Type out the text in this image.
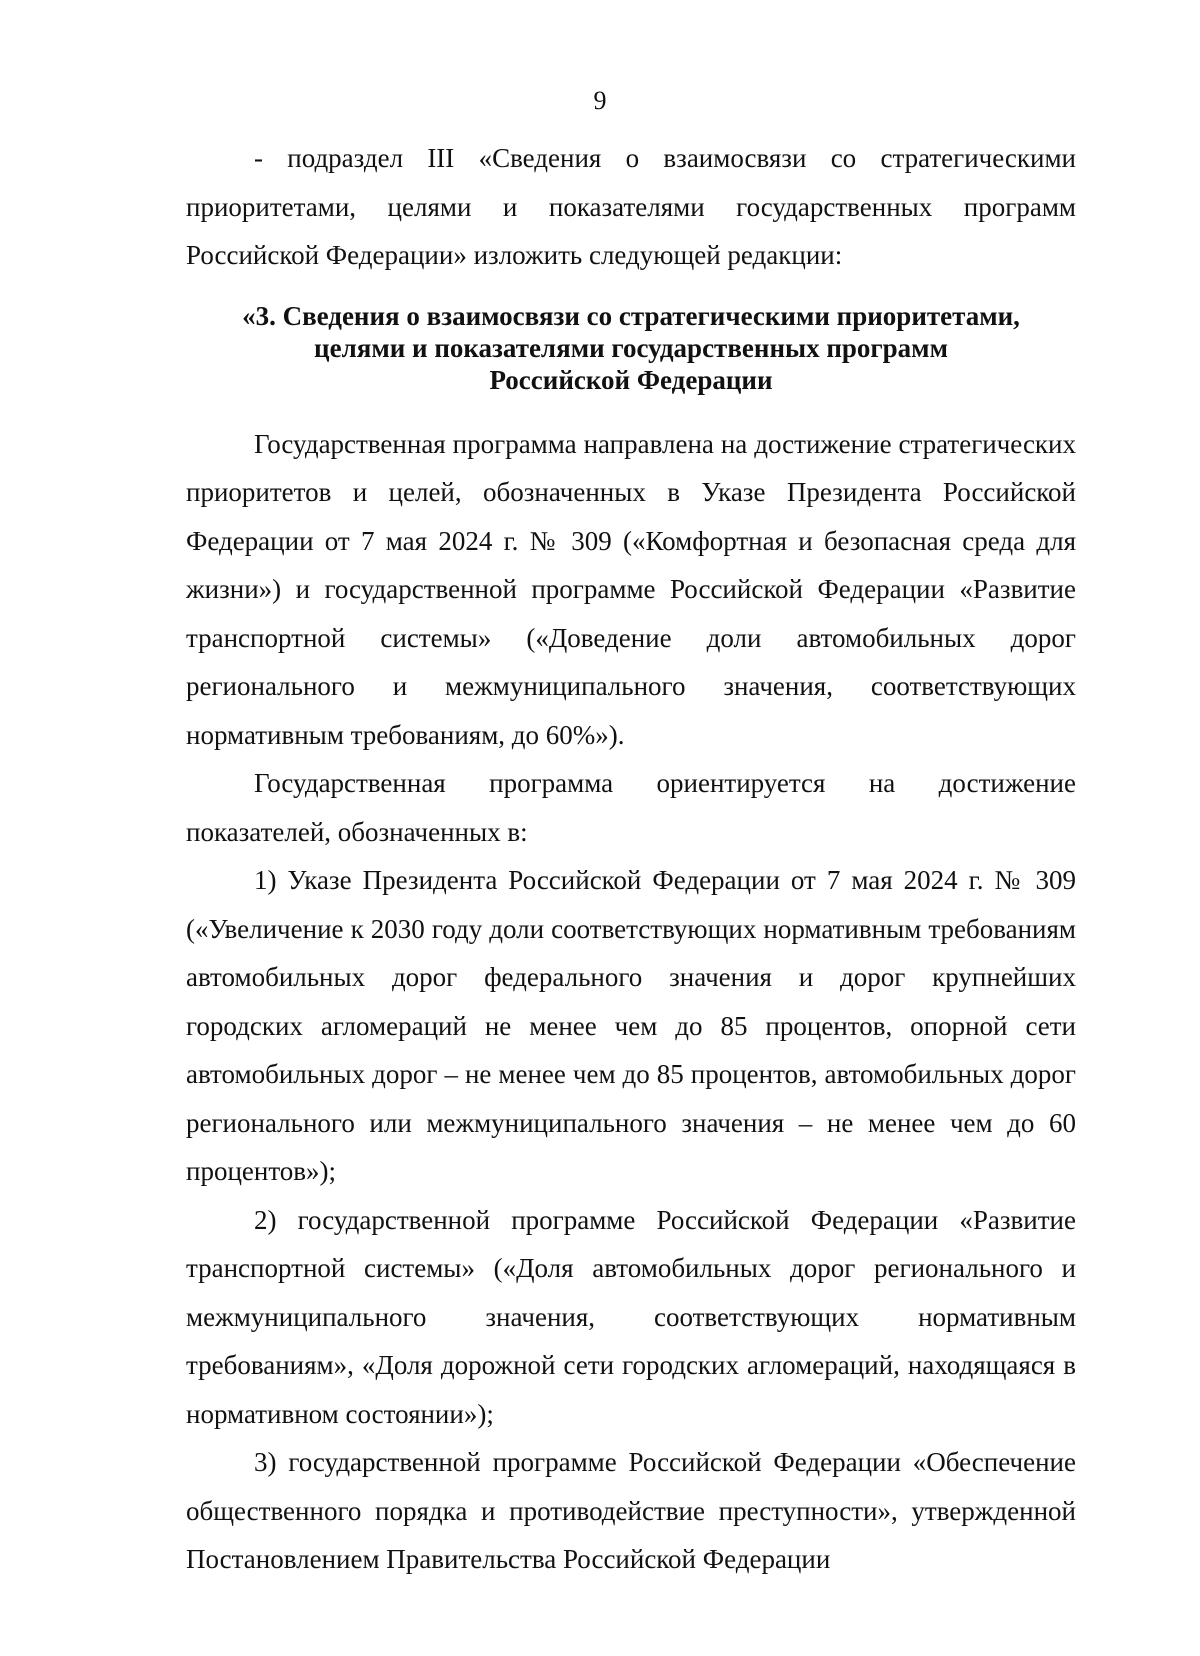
9

- подраздел III «Сведения о взаимосвязи со стратегическими приоритетами, целями и показателями государственных программ Российской Федерации» изложить следующей редакции:

«3. Сведения о взаимосвязи со стратегическими приоритетами,
целями и показателями государственных программ
Российской Федерации

Государственная программа направлена на достижение стратегических приоритетов и целей, обозначенных в Указе Президента Российской Федерации от 7 мая 2024 г. № 309 («Комфортная и безопасная среда для жизни») и государственной программе Российской Федерации «Развитие транспортной системы» («Доведение доли автомобильных дорог регионального и межмуниципального значения, соответствующих нормативным требованиям, до 60%»).

Государственная программа ориентируется на достижение показателей, обозначенных в:

1) Указе Президента Российской Федерации от 7 мая 2024 г. № 309 («Увеличение к 2030 году доли соответствующих нормативным требованиям автомобильных дорог федерального значения и дорог крупнейших городских агломераций не менее чем до 85 процентов, опорной сети автомобильных дорог – не менее чем до 85 процентов, автомобильных дорог регионального или межмуниципального значения – не менее чем до 60 процентов»);

2) государственной программе Российской Федерации «Развитие транспортной системы» («Доля автомобильных дорог регионального и межмуниципального значения, соответствующих нормативным требованиям», «Доля дорожной сети городских агломераций, находящаяся в нормативном состоянии»);

3) государственной программе Российской Федерации «Обеспечение общественного порядка и противодействие преступности», утвержденной Постановлением Правительства Российской Федерации
